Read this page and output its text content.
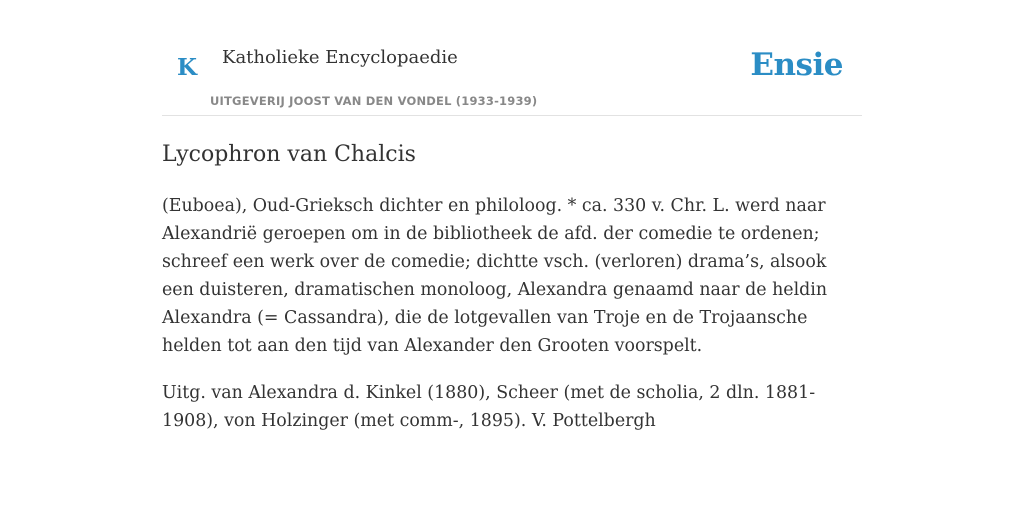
K Katholieke Encyclopaedie
UITGEVERIJ JOOST VAN DEN VONDEL (1933-1939)
Ensie
Lycophron van Chalcis

(Euboea), Oud-Grieksch dichter en philoloog. * ca. 330 v. Chr. L. werd naar Alexandrië geroepen om in de bibliotheek de afd. der comedie te ordenen; schreef een werk over de comedie; dichtte vsch. (verloren) drama’s, alsook een duisteren, dramatischen monoloog, Alexandra genaamd naar de heldin Alexandra (= Cassandra), die de lotgevallen van Troje en de Trojaansche helden tot aan den tijd van Alexander den Grooten voorspelt.

Uitg. van Alexandra d. Kinkel (1880), Scheer (met de scholia, 2 dln. 1881-1908), von Holzinger (met comm-, 1895). V. Pottelbergh
